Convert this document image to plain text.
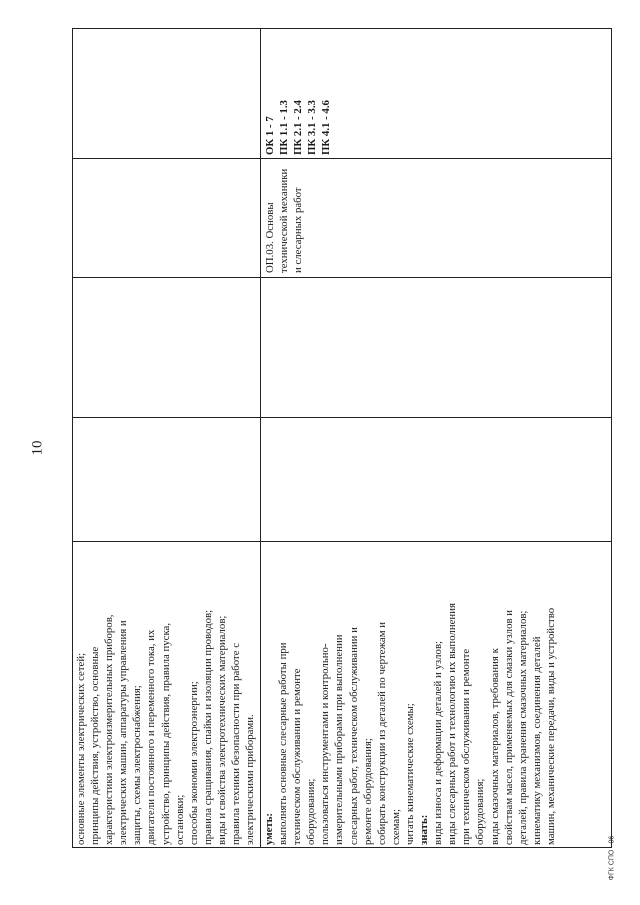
10
ФГК СПО - 06
основные элементы электрических сетей; принципы действия, устройство, основные характеристики электроизмерительных приборов, электрических машин, аппаратуры управления и защиты, схемы электроснабжения; двигатели постоянного и переменного тока, их устройство, принципы действия, правила пуска, остановки; способы экономии электроэнергии; правила сращивания, спайки и изоляции проводов; виды и свойства электротехнических материалов; правила техники безопасности при работе с электрическими приборами. уметь: выполнять основные слесарные работы при техническом обслуживании и ремонте оборудования; пользоваться инструментами и контрольно- измерительными приборами при выполнении слесарных работ, техническом обслуживании и ремонте оборудования; собирать конструкции из деталей по чертежам и схемам; читать кинематические схемы; знать: виды износа и деформации деталей и узлов; виды слесарных работ и технологию их выполнения при техническом обслуживании и ремонте оборудования; виды смазочных материалов, требования к свойствам масел, применяемых для смазки узлов и деталей, правила хранения смазочных материалов; кинематику механизмов, соединения деталей машин, механические передачи, виды и устройство
ОП.03. Основы технической механики и слесарных работ
ОК 1 - 7 ПК 1.1 - 1.3 ПК 2.1 - 2.4 ПК 3.1 - 3.3 ПК 4.1 - 4.6
